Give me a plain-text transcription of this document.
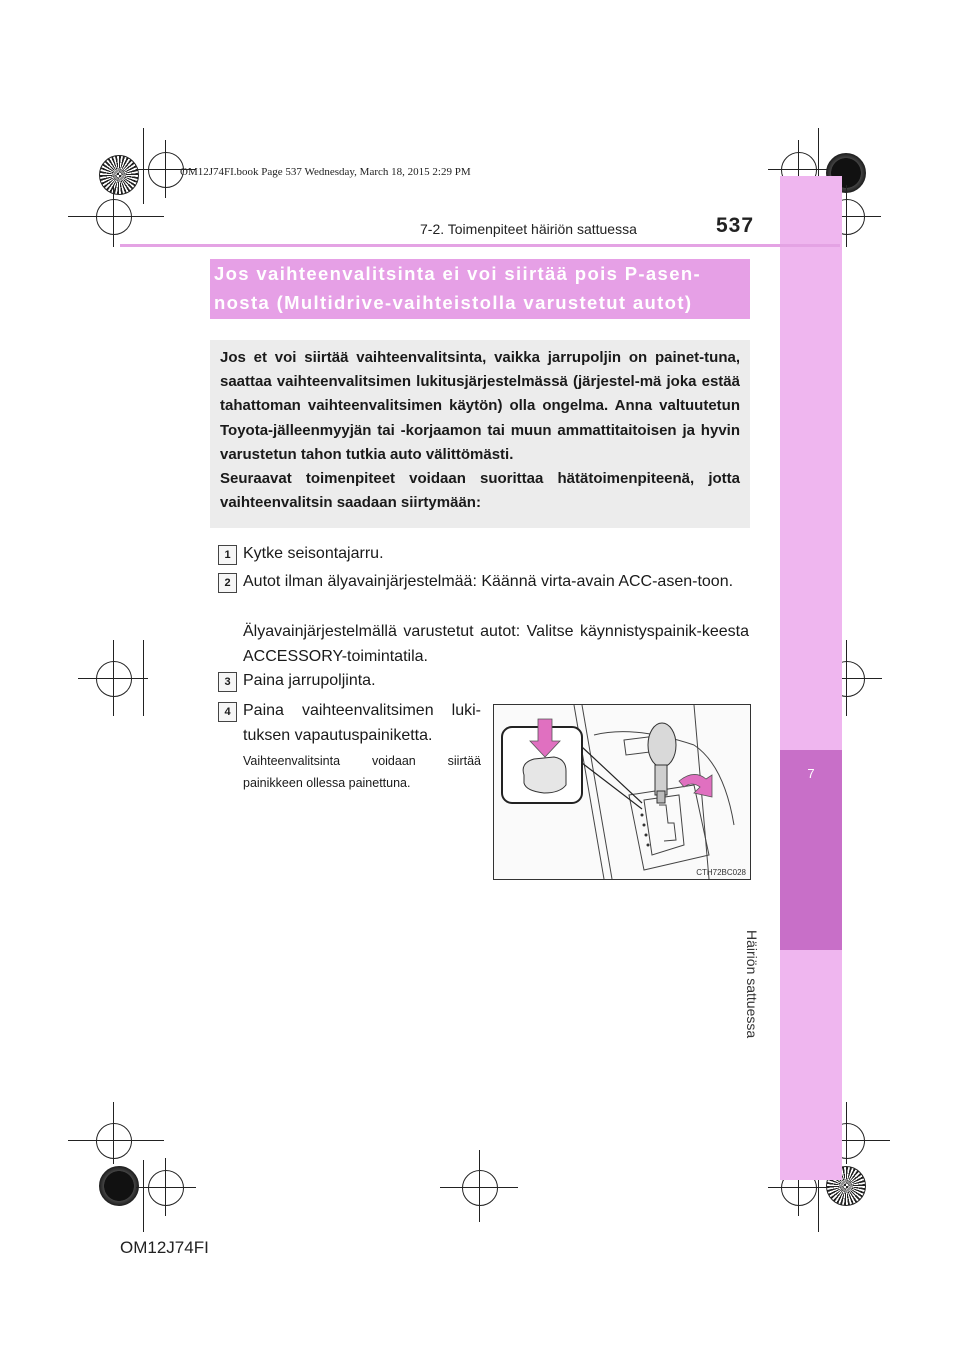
OM12J74FI.book Page 537 Wednesday, March 18, 2015 2:29 PM
7
Häiriön sattuessa
7-2. Toimenpiteet häiriön sattuessa	537
Jos vaihteenvalitsinta ei voi siirtää pois P-asen-
nosta (Multidrive-vaihteistolla varustetut autot)

Jos et voi siirtää vaihteenvalitsinta, vaikka jarrupoljin on painet-tuna, saattaa vaihteenvalitsimen lukitusjärjestelmässä (järjestel-mä joka estää tahattoman vaihteenvalitsimen käytön) olla ongelma. Anna valtuutetun Toyota-jälleenmyyjän tai -korjaamon tai muun ammattitaitoisen ja hyvin varustetun tahon tutkia auto välittömästi.

Seuraavat toimenpiteet voidaan suorittaa hätätoimenpiteenä, jotta vaihteenvalitsin saadaan siirtymään:

1 Kytke seisontajarru.
2 Autot ilman älyavainjärjestelmää: Käännä virta-avain ACC-asen-toon.
Älyavainjärjestelmällä varustetut autot: Valitse käynnistyspainik-keesta ACCESSORY-toimintatila.
3 Paina jarrupoljinta.
4 Paina vaihteenvalitsimen luki-tuksen vapautuspainiketta.
Vaihteenvalitsinta voidaan siirtää painikkeen ollessa painettuna.
CTH72BC028
OM12J74FI
